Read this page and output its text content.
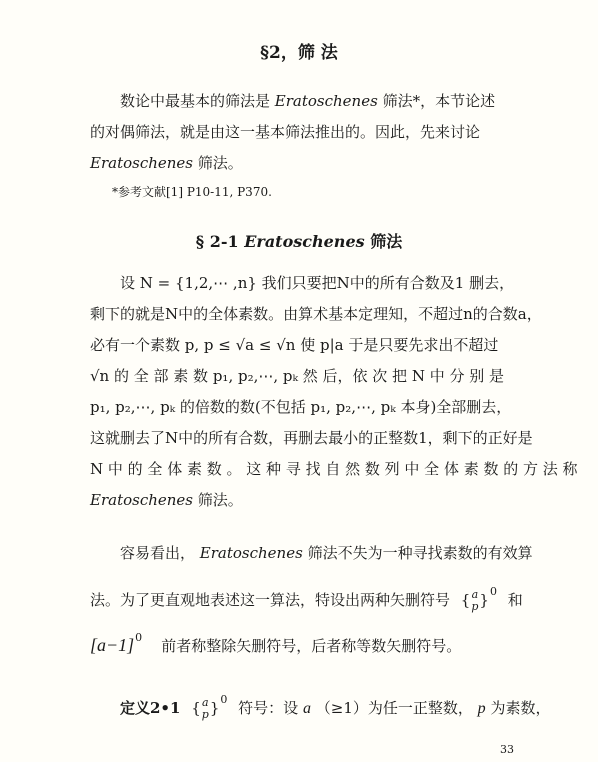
§2，筛 法
数论中最基本的筛法是 Eratoschenes 筛法*，本节论述
的对偶筛法，就是由这一基本筛法推出的。因此，先来讨论
Eratoschenes 筛法。
*参考文献[1] P10-11, P370.
§ 2-1 Eratoschenes 筛法
设 N = {1,2,⋯ ,n} 我们只要把N中的所有合数及1 删去，
剩下的就是N中的全体素数。由算术基本定理知，不超过n的合数a，
必有一个素数 p, p ≤ √a ≤ √n 使 p|a 于是只要先求出不超过
√n 的 全 部 素 数 p₁, p₂,⋯, pₖ 然 后，依 次 把 N 中 分 别 是
p₁, p₂,⋯, pₖ 的倍数的数(不包括 p₁, p₂,⋯, pₖ 本身)全部删去，
这就删去了N中的所有合数，再删去最小的正整数1，剩下的正好是
N 中 的 全 体 素 数 。 这 种 寻 找 自 然 数 列 中 全 体 素 数 的 方 法 称
Eratoschenes 筛法。
容易看出， Eratoschenes 筛法不失为一种寻找素数的有效算
法。为了更直观地表述这一算法，特设出两种矢删符号 { a
p }$^0$ 和
$[a-1]^0$ 前者称整除矢删符号，后者称等数矢删符号。
定义2•1 { a
p }$^0$ 符号：设 a （≥1）为任一正整数， p 为素数，
33
